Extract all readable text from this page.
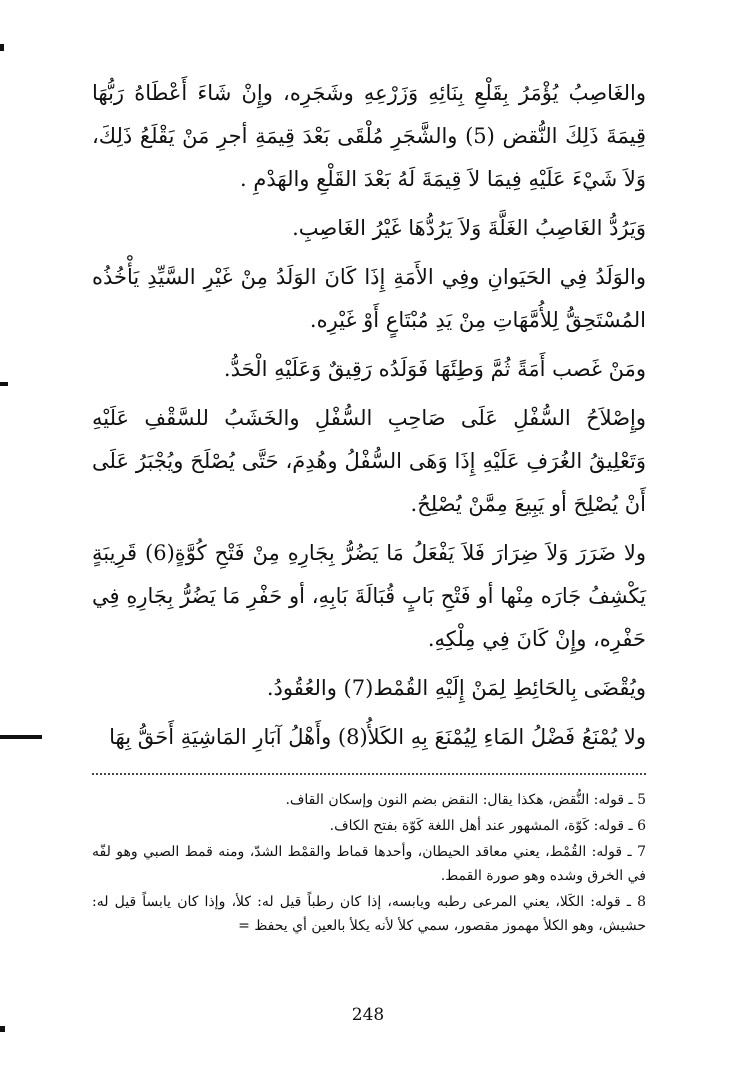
والغَاصِبُ يُؤْمَرُ بِقَلْعِ بِنَائِهِ وَزَرْعِهِ وشَجَرِه، وإِنْ شَاءَ أَعْطَاهُ رَبُّهَا قِيمَةَ ذَلِكَ النُّقض (5) والشَّجَرِ مُلْقَى بَعْدَ قِيمَةِ أجرِ مَنْ يَقْلَعُ ذَلِكَ، وَلاَ شَيْءَ عَلَيْهِ فِيمَا لاَ قِيمَةَ لَهُ بَعْدَ القَلْعِ والهَدْمِ .

وَيَرُدُّ الغَاصِبُ الغَلَّةَ وَلاَ يَرُدُّهَا غَيْرُ الغَاصِبِ.

والوَلَدُ فِي الحَيَوانِ وفِي الأَمَةِ إِذَا كَانَ الوَلَدُ مِنْ غَيْرِ السَّيِّدِ يَأْخُذُه المُسْتَحِقُّ لِلأُمَّهَاتِ مِنْ يَدِ مُبْتَاعٍ أَوْ غَيْرِه.

ومَنْ غَصب أَمَةً ثُمَّ وَطِئَهَا فَوَلَدُه رَقِيقٌ وَعَلَيْهِ الْحَدُّ.

وإِصْلاَحُ السُّفْلِ عَلَى صَاحِبِ السُّفْلِ والخَشَبُ للسَّقْفِ عَلَيْهِ وَتَعْلِيقُ الغُرَفِ عَلَيْهِ إِذَا وَهَى السُّفْلُ وهُدِمَ، حَتَّى يُصْلَحَ ويُجْبَرُ عَلَى أَنْ يُصْلِحَ أو يَبِيعَ مِمَّنْ يُصْلِحُ.

ولا ضَرَرَ وَلاَ ضِرَارَ فَلاَ يَفْعَلُ مَا يَضُرُّ بِجَارِهِ مِنْ فَتْحِ كُوَّةٍ(6) قَرِيبَةٍ يَكْشِفُ جَارَه مِنْها أو فَتْحِ بَابٍ قُبَالَةَ بَابِهِ، أو حَفْرِ مَا يَضُرُّ بِجَارِهِ فِي حَفْرِه، وإِنْ كَانَ فِي مِلْكِهِ.

ويُقْضَى بِالحَائِطِ لِمَنْ إِلَيْهِ القُمْط(7) والعُقُودُ.

ولا يُمْنَعُ فَضْلُ المَاءِ لِيُمْنَعَ بِهِ الكَلأُ(8) وأَهْلُ آبَارِ المَاشِيَةِ أَحَقُّ بِهَا

5 ـ قوله: النُّقض، هكذا يقال: النقض بضم النون وإسكان القاف.

6 ـ قوله: كَوّة، المشهور عند أهل اللغة كَوّة بفتح الكاف.

7 ـ قوله: القُمْط، يعني معاقد الحيطان، وأحدها قماط والقمْط الشدّ، ومنه قمط الصبي وهو لفّه في الخرق وشده وهو صورة القمط.

8 ـ قوله: الكَلا، يعني المرعى رطبه ويابسه، إذا كان رطباً قيل له: كلأ، وإذا كان يابساً قيل له: حشيش، وهو الكلأ مهموز مقصور، سمي كلأ لأنه يكلأ بالعين أي يحفظ =

248
